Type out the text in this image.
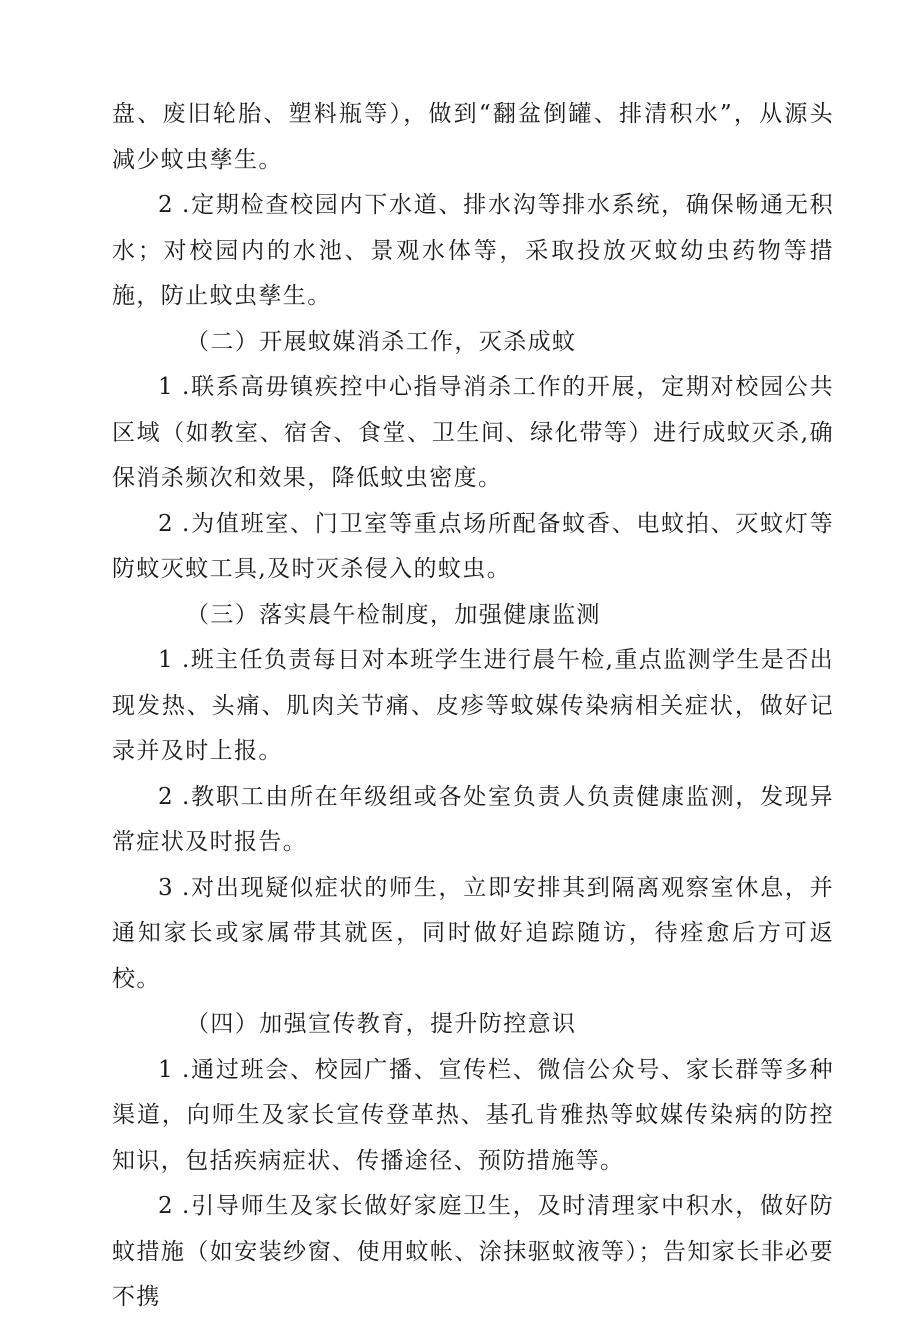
盘、废旧轮胎、塑料瓶等），做到“翻盆倒罐、排清积水”，从源头减少蚊虫孳生。

2 .定期检查校园内下水道、排水沟等排水系统，确保畅通无积水；对校园内的水池、景观水体等，采取投放灭蚊幼虫药物等措施，防止蚊虫孳生。

（二）开展蚊媒消杀工作，灭杀成蚊

1 .联系高毋镇疾控中心指导消杀工作的开展，定期对校园公共区域（如教室、宿舍、食堂、卫生间、绿化带等）进行成蚊灭杀,确保消杀频次和效果，降低蚊虫密度。

2 .为值班室、门卫室等重点场所配备蚊香、电蚊拍、灭蚊灯等防蚊灭蚊工具,及时灭杀侵入的蚊虫。

（三）落实晨午检制度，加强健康监测

1 .班主任负责每日对本班学生进行晨午检,重点监测学生是否出现发热、头痛、肌肉关节痛、皮疹等蚊媒传染病相关症状，做好记录并及时上报。

2 .教职工由所在年级组或各处室负责人负责健康监测，发现异常症状及时报告。

3 .对出现疑似症状的师生，立即安排其到隔离观察室休息，并通知家长或家属带其就医，同时做好追踪随访，待痊愈后方可返校。

（四）加强宣传教育，提升防控意识

1 .通过班会、校园广播、宣传栏、微信公众号、家长群等多种渠道，向师生及家长宣传登革热、基孔肯雅热等蚊媒传染病的防控知识，包括疾病症状、传播途径、预防措施等。

2 .引导师生及家长做好家庭卫生，及时清理家中积水，做好防蚊措施（如安装纱窗、使用蚊帐、涂抹驱蚊液等）；告知家长非必要不携
